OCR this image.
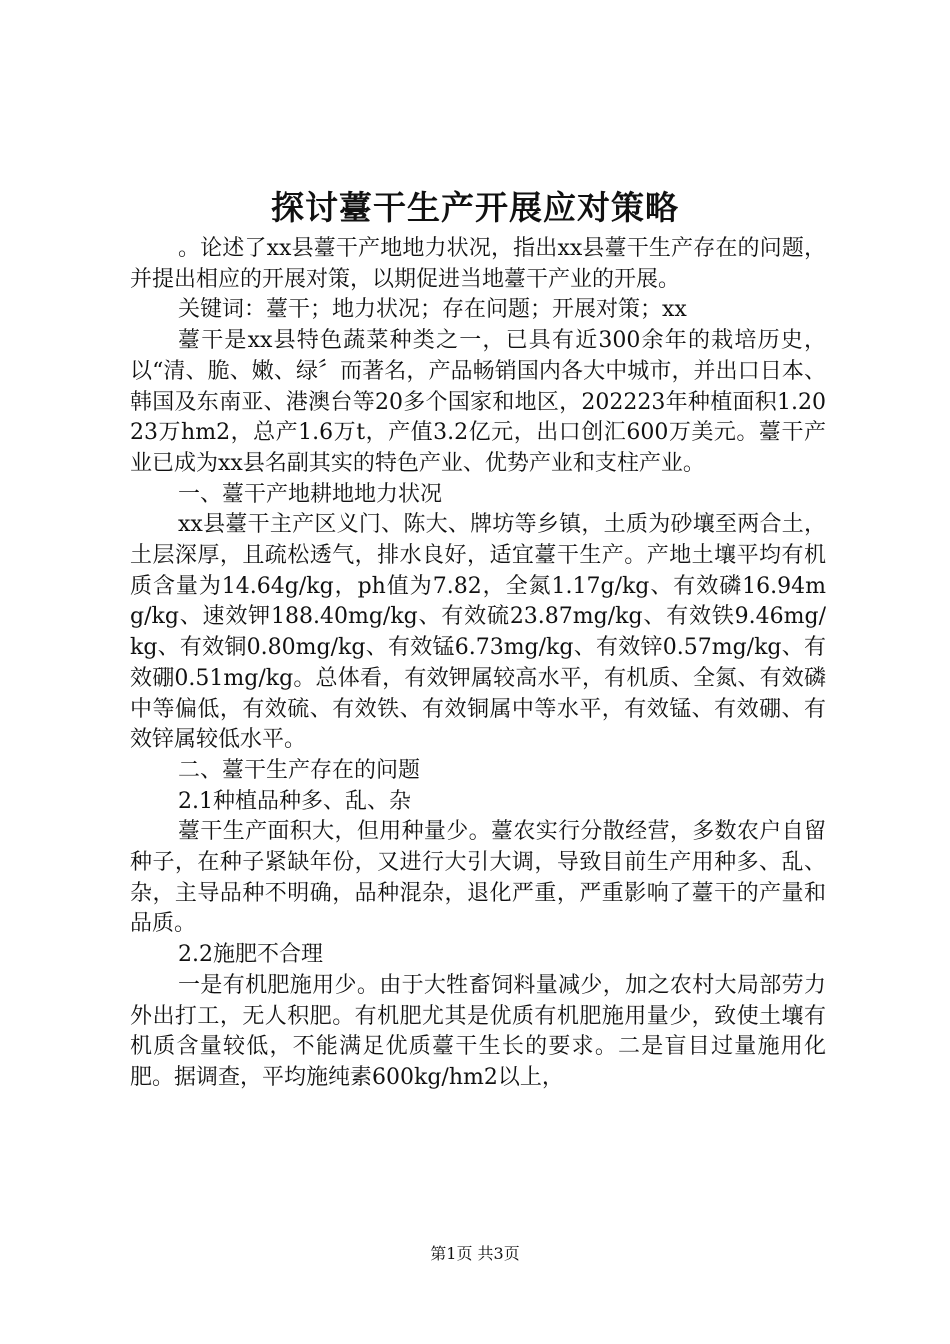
探讨薹干生产开展应对策略

。论述了xx县薹干产地地力状况，指出xx县薹干生产存在的问题，并提出相应的开展对策，以期促进当地薹干产业的开展。

关键词：薹干；地力状况；存在问题；开展对策；xx

薹干是xx县特色蔬菜种类之一，已具有近300余年的栽培历史，以“清、脆、嫩、绿〞而著名，产品畅销国内各大中城市，并出口日本、韩国及东南亚、港澳台等20多个国家和地区，202223年种植面积1.2023万hm2，总产1.6万t，产值3.2亿元，出口创汇600万美元。薹干产业已成为xx县名副其实的特色产业、优势产业和支柱产业。

一、薹干产地耕地地力状况

xx县薹干主产区义门、陈大、牌坊等乡镇，土质为砂壤至两合土，土层深厚，且疏松透气，排水良好，适宜薹干生产。产地土壤平均有机质含量为14.64g/kg，ph值为7.82，全氮1.17g/kg、有效磷16.94mg/kg、速效钾188.40mg/kg、有效硫23.87mg/kg、有效铁9.46mg/kg、有效铜0.80mg/kg、有效锰6.73mg/kg、有效锌0.57mg/kg、有效硼0.51mg/kg。总体看，有效钾属较高水平，有机质、全氮、有效磷中等偏低，有效硫、有效铁、有效铜属中等水平，有效锰、有效硼、有效锌属较低水平。

二、薹干生产存在的问题

2.1种植品种多、乱、杂

薹干生产面积大，但用种量少。薹农实行分散经营，多数农户自留种子，在种子紧缺年份，又进行大引大调，导致目前生产用种多、乱、杂，主导品种不明确，品种混杂，退化严重，严重影响了薹干的产量和品质。

2.2施肥不合理

一是有机肥施用少。由于大牲畜饲料量减少，加之农村大局部劳力外出打工，无人积肥。有机肥尤其是优质有机肥施用量少，致使土壤有机质含量较低，不能满足优质薹干生长的要求。二是盲目过量施用化肥。据调查，平均施纯素600kg/hm2以上，

第1页 共3页
